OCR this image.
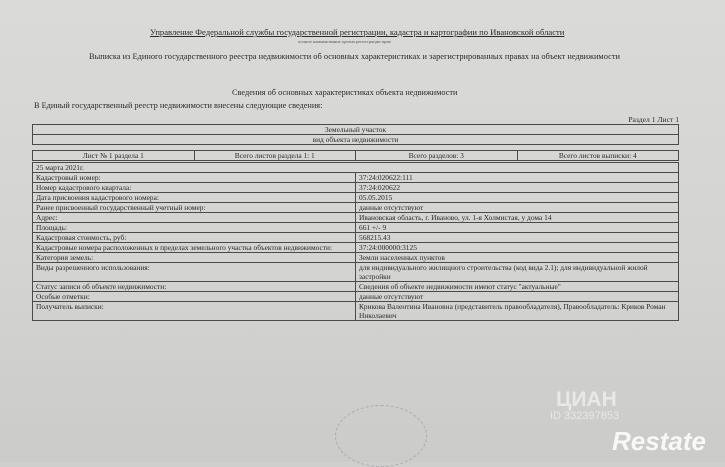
Управление Федеральной службы государственной регистрации, кадастра и картографии по Ивановской области
полное наименование органа регистрации прав
Выписка из Единого государственного реестра недвижимости об основных характеристиках и зарегистрированных правах на объект недвижимости
Сведения об основных характеристиках объекта недвижимости
В Единый государственный реестр недвижимости внесены следующие сведения:
Раздел 1 Лист 1
Земельный участок
вид объекта недвижимости
Лист № 1 раздела 1	Всего листов раздела 1: 1	Всего разделов: 3	Всего листов выписки: 4
25 марта 2021г.	
Кадастровый номер:	37:24:020622:111
Номер кадастрового квартала:	37:24:020622
Дата присвоения кадастрового номера:	05.05.2015
Ранее присвоенный государственный учетный номер:	данные отсутствуют
Адрес:	Ивановская область, г. Иваново, ул. 1-я Холмистая, у дома 14
Площадь:	661 +/- 9
Кадастровая стоимость, руб:	568215.43
Кадастровые номера расположенных в пределах земельного участка объектов недвижимости:	37:24:000000:3125
Категория земель:	Земли населенных пунктов
Виды разрешенного использования:	для индивидуального жилищного строительства (код вида 2.1); для индивидуальной жилой застройки
Статус записи об объекте недвижимости:	Сведения об объекте недвижимости имеют статус "актуальные"
Особые отметки:	данные отсутствуют
Получатель выписки:	Крикова Валентина Ивановна (представитель правообладателя), Правообладатель: Криков Роман Николаевич
ЦИАН
ID 332397853
Restate
